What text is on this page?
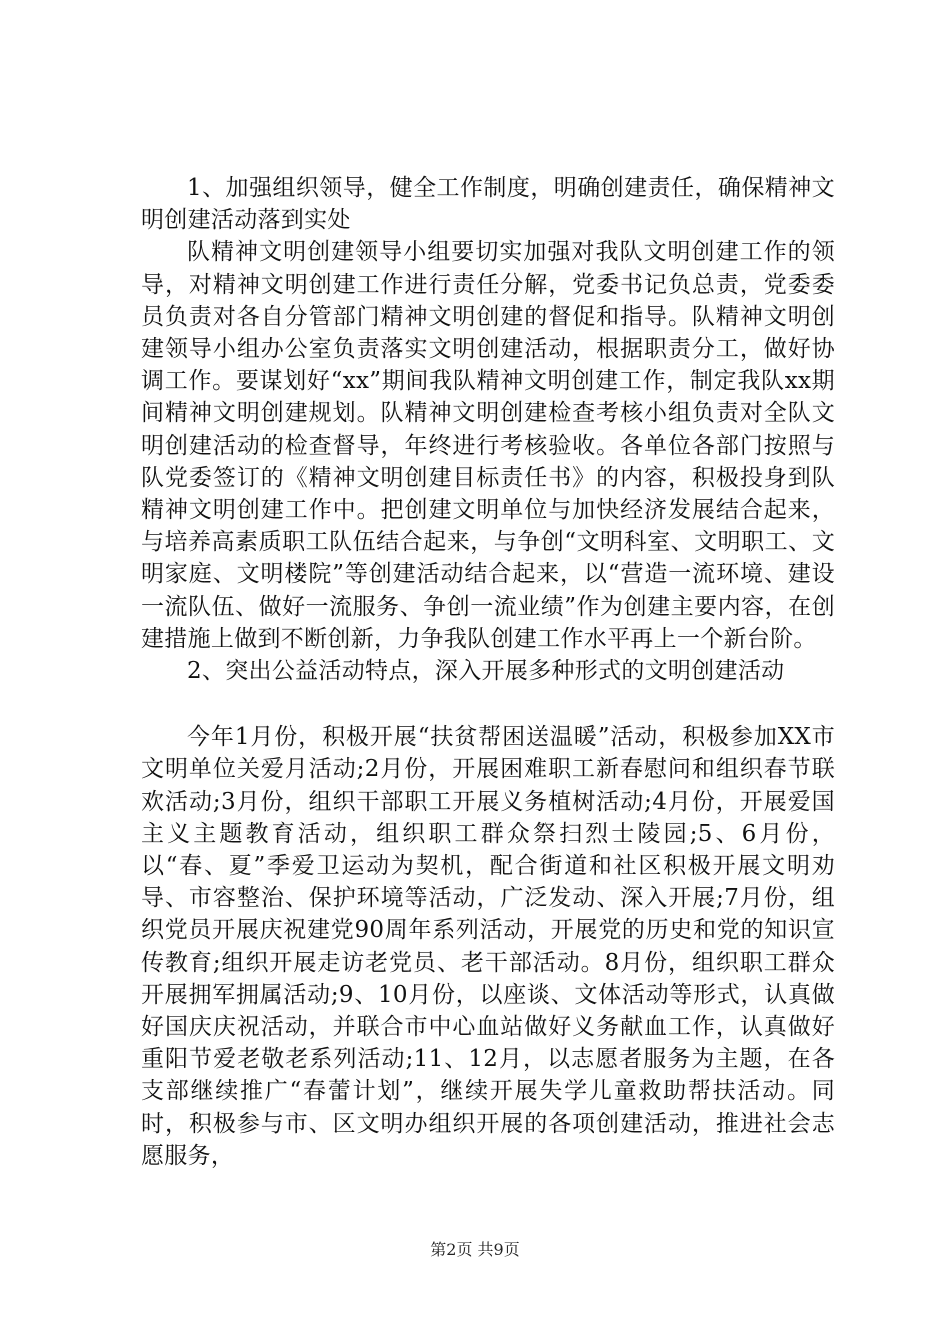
1、加强组织领导，健全工作制度，明确创建责任，确保精神文明创建活动落到实处

队精神文明创建领导小组要切实加强对我队文明创建工作的领导，对精神文明创建工作进行责任分解，党委书记负总责，党委委员负责对各自分管部门精神文明创建的督促和指导。队精神文明创建领导小组办公室负责落实文明创建活动，根据职责分工，做好协调工作。要谋划好“xx”期间我队精神文明创建工作，制定我队xx期间精神文明创建规划。队精神文明创建检查考核小组负责对全队文明创建活动的检查督导，年终进行考核验收。各单位各部门按照与队党委签订的《精神文明创建目标责任书》的内容，积极投身到队精神文明创建工作中。把创建文明单位与加快经济发展结合起来，与培养高素质职工队伍结合起来，与争创“文明科室、文明职工、文明家庭、文明楼院”等创建活动结合起来，以“营造一流环境、建设一流队伍、做好一流服务、争创一流业绩”作为创建主要内容，在创建措施上做到不断创新，力争我队创建工作水平再上一个新台阶。

2、突出公益活动特点，深入开展多种形式的文明创建活动

今年1月份，积极开展“扶贫帮困送温暖”活动，积极参加XX市文明单位关爱月活动;2月份，开展困难职工新春慰问和组织春节联欢活动;3月份，组织干部职工开展义务植树活动;4月份，开展爱国主义主题教育活动，组织职工群众祭扫烈士陵园;5、6月份，以“春、夏”季爱卫运动为契机，配合街道和社区积极开展文明劝导、市容整治、保护环境等活动，广泛发动、深入开展;7月份，组织党员开展庆祝建党90周年系列活动，开展党的历史和党的知识宣传教育;组织开展走访老党员、老干部活动。8月份，组织职工群众开展拥军拥属活动;9、10月份，以座谈、文体活动等形式，认真做好国庆庆祝活动，并联合市中心血站做好义务献血工作，认真做好重阳节爱老敬老系列活动;11、12月，以志愿者服务为主题，在各支部继续推广“春蕾计划”，继续开展失学儿童救助帮扶活动。同时，积极参与市、区文明办组织开展的各项创建活动，推进社会志愿服务，

第2页 共9页
